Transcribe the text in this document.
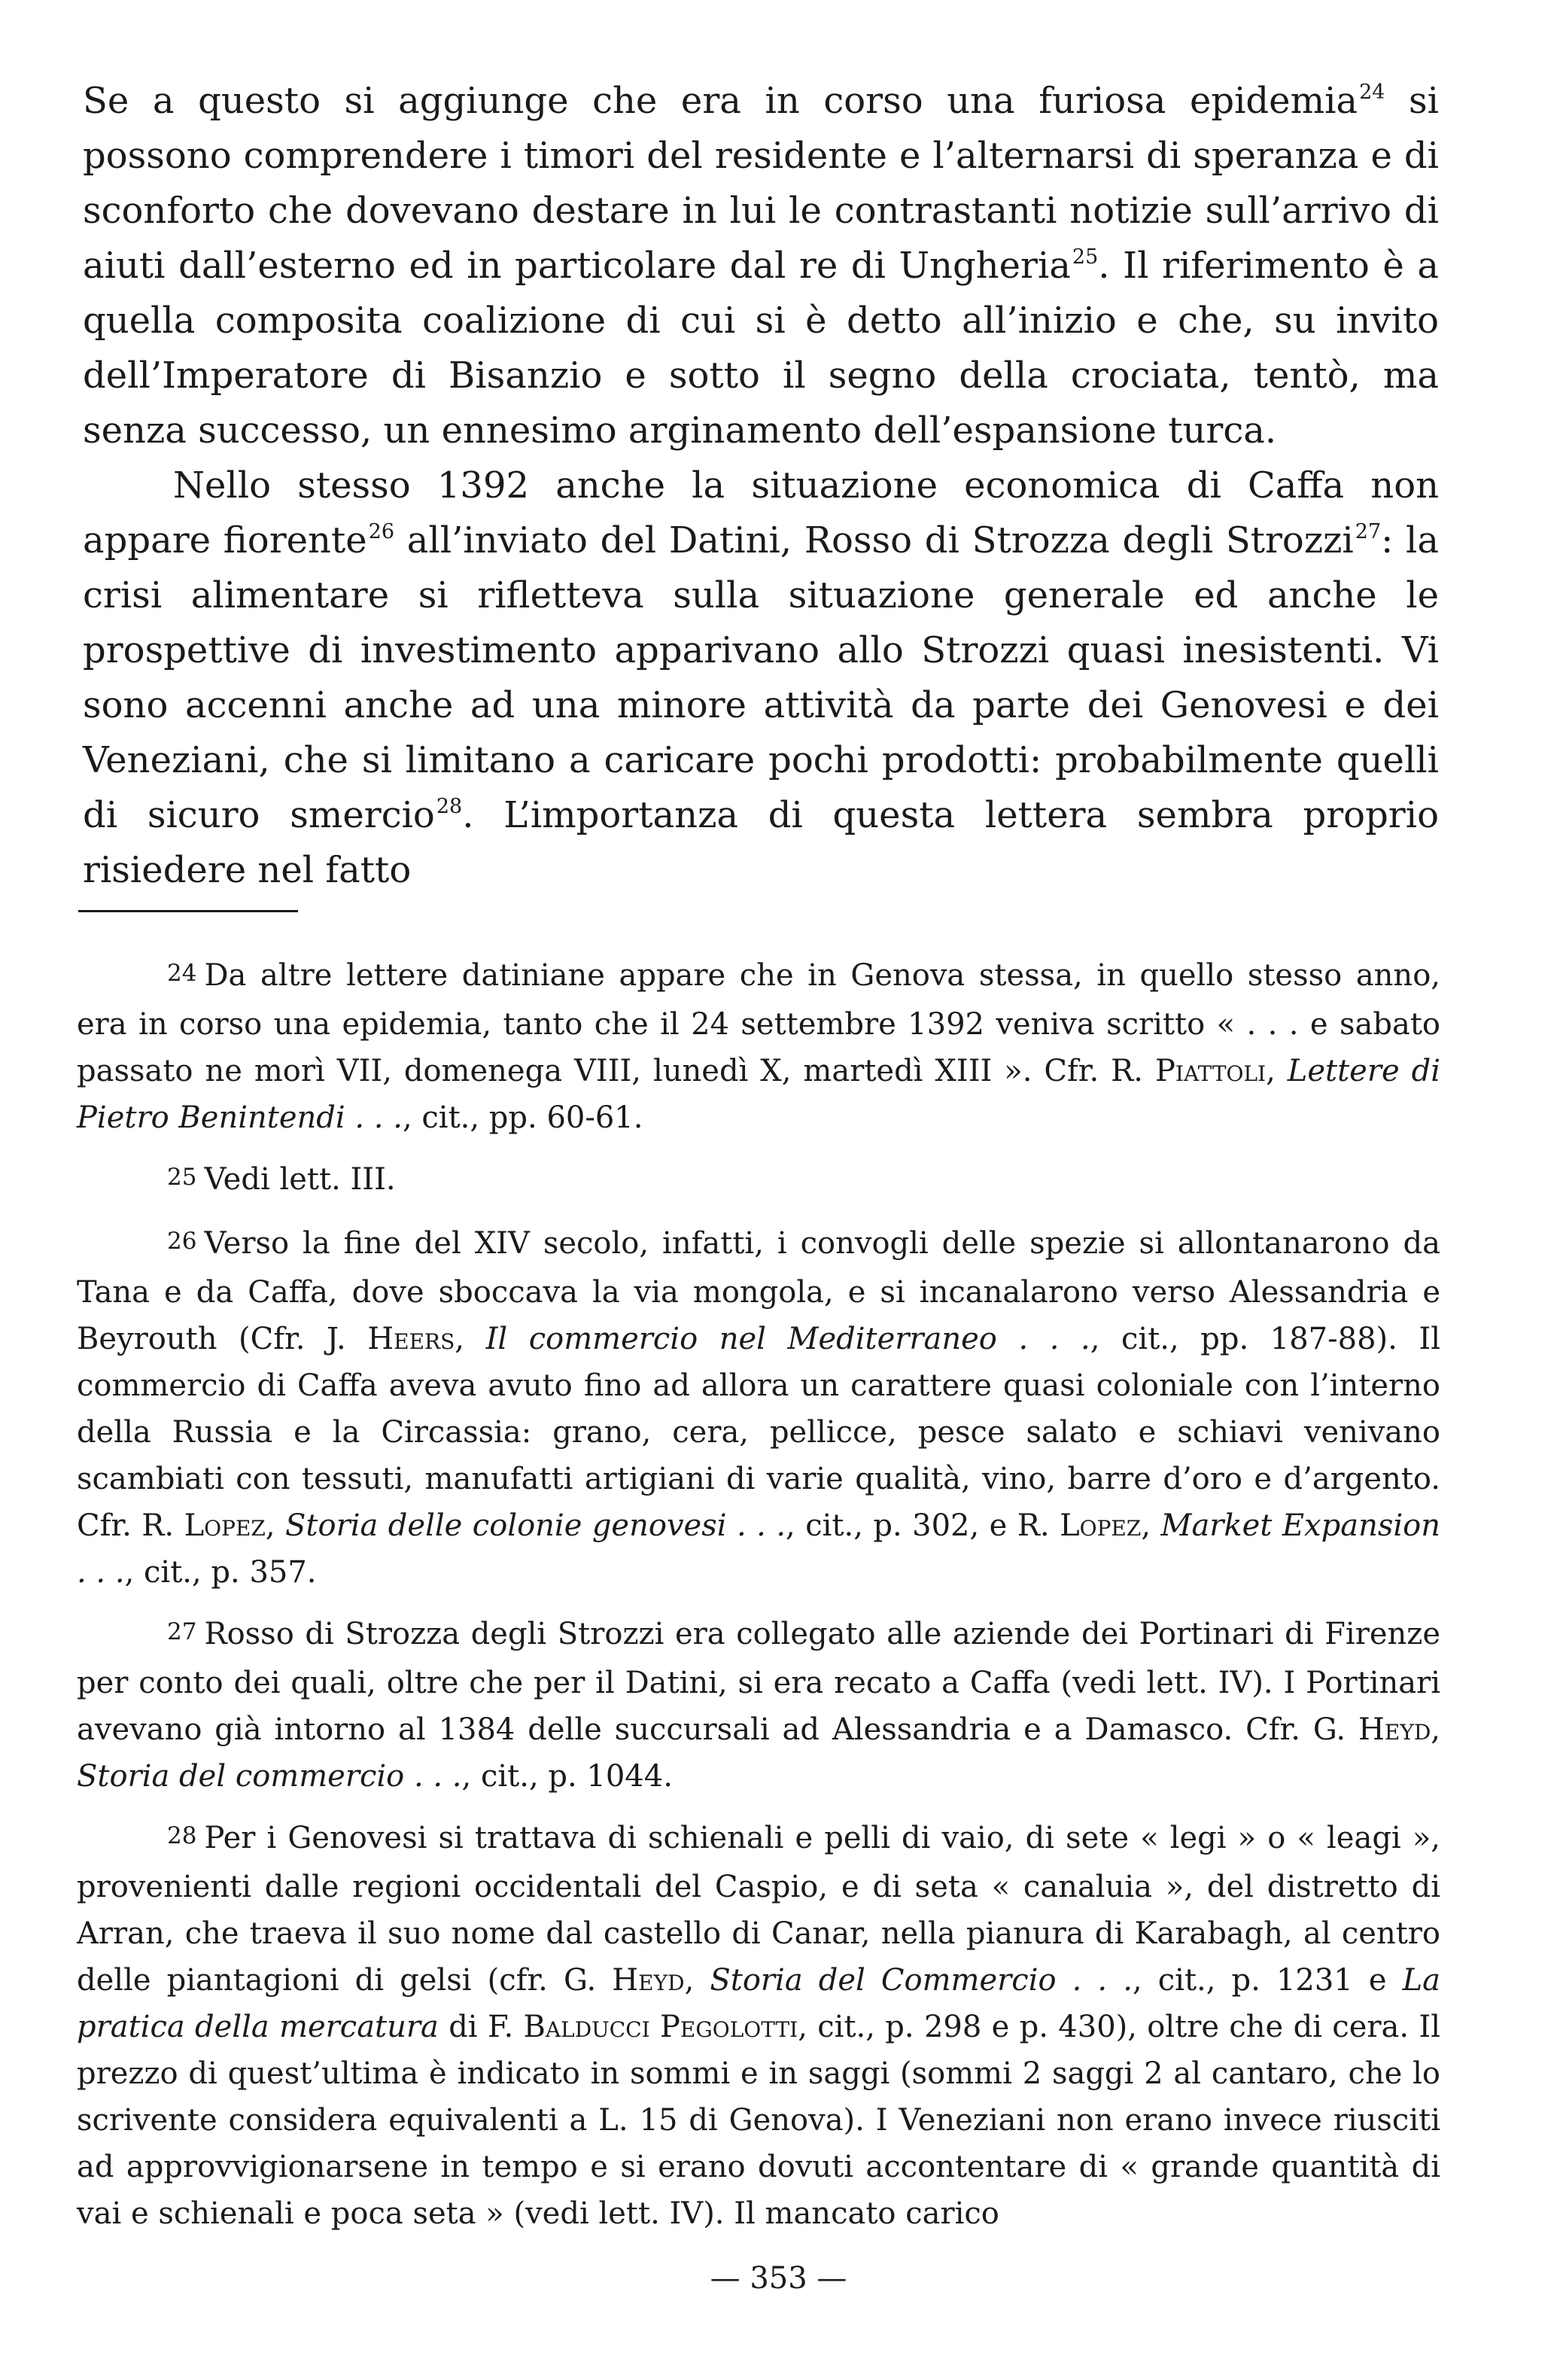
Se a questo si aggiunge che era in corso una furiosa epidemia$^{24}$ si possono comprendere i timori del residente e l’alternarsi di speranza e di sconforto che dovevano destare in lui le contrastanti notizie sull’arrivo di aiuti dall’esterno ed in particolare dal re di Ungheria$^{25}$. Il riferimento è a quella composita coalizione di cui si è detto all’inizio e che, su invito dell’Imperatore di Bisanzio e sotto il segno della crociata, tentò, ma senza successo, un ennesimo arginamento dell’espansione turca.

Nello stesso 1392 anche la situazione economica di Caffa non appare fiorente$^{26}$ all’inviato del Datini, Rosso di Strozza degli Strozzi$^{27}$: la crisi alimentare si rifletteva sulla situazione generale ed anche le prospettive di investimento apparivano allo Strozzi quasi inesistenti. Vi sono accenni anche ad una minore attività da parte dei Genovesi e dei Veneziani, che si limitano a caricare pochi prodotti: probabilmente quelli di sicuro smercio$^{28}$. L’importanza di questa lettera sembra proprio risiedere nel fatto

24 Da altre lettere datiniane appare che in Genova stessa, in quello stesso anno, era in corso una epidemia, tanto che il 24 settembre 1392 veniva scritto « . . . e sabato passato ne morì VII, domenega VIII, lunedì X, martedì XIII ». Cfr. R. Piattoli, Lettere di Pietro Benintendi . . ., cit., pp. 60-61.

25 Vedi lett. III.

26 Verso la fine del XIV secolo, infatti, i convogli delle spezie si allontanarono da Tana e da Caffa, dove sboccava la via mongola, e si incanalarono verso Alessandria e Beyrouth (Cfr. J. Heers, Il commercio nel Mediterraneo . . ., cit., pp. 187-88). Il commercio di Caffa aveva avuto fino ad allora un carattere quasi coloniale con l’interno della Russia e la Circassia: grano, cera, pellicce, pesce salato e schiavi venivano scambiati con tessuti, manufatti artigiani di varie qualità, vino, barre d’oro e d’argento. Cfr. R. Lopez, Storia delle colonie genovesi . . ., cit., p. 302, e R. Lopez, Market Expansion . . ., cit., p. 357.

27 Rosso di Strozza degli Strozzi era collegato alle aziende dei Portinari di Firenze per conto dei quali, oltre che per il Datini, si era recato a Caffa (vedi lett. IV). I Portinari avevano già intorno al 1384 delle succursali ad Alessandria e a Damasco. Cfr. G. Heyd, Storia del commercio . . ., cit., p. 1044.

28 Per i Genovesi si trattava di schienali e pelli di vaio, di sete « legi » o « leagi », provenienti dalle regioni occidentali del Caspio, e di seta « canaluia », del distretto di Arran, che traeva il suo nome dal castello di Canar, nella pianura di Karabagh, al centro delle piantagioni di gelsi (cfr. G. Heyd, Storia del Commercio . . ., cit., p. 1231 e La pratica della mercatura di F. Balducci Pegolotti, cit., p. 298 e p. 430), oltre che di cera. Il prezzo di quest’ultima è indicato in sommi e in saggi (sommi 2 saggi 2 al cantaro, che lo scrivente considera equivalenti a L. 15 di Genova). I Veneziani non erano invece riusciti ad approvvigionarsene in tempo e si erano dovuti accontentare di « grande quantità di vai e schienali e poca seta » (vedi lett. IV). Il mancato carico

— 353 —
